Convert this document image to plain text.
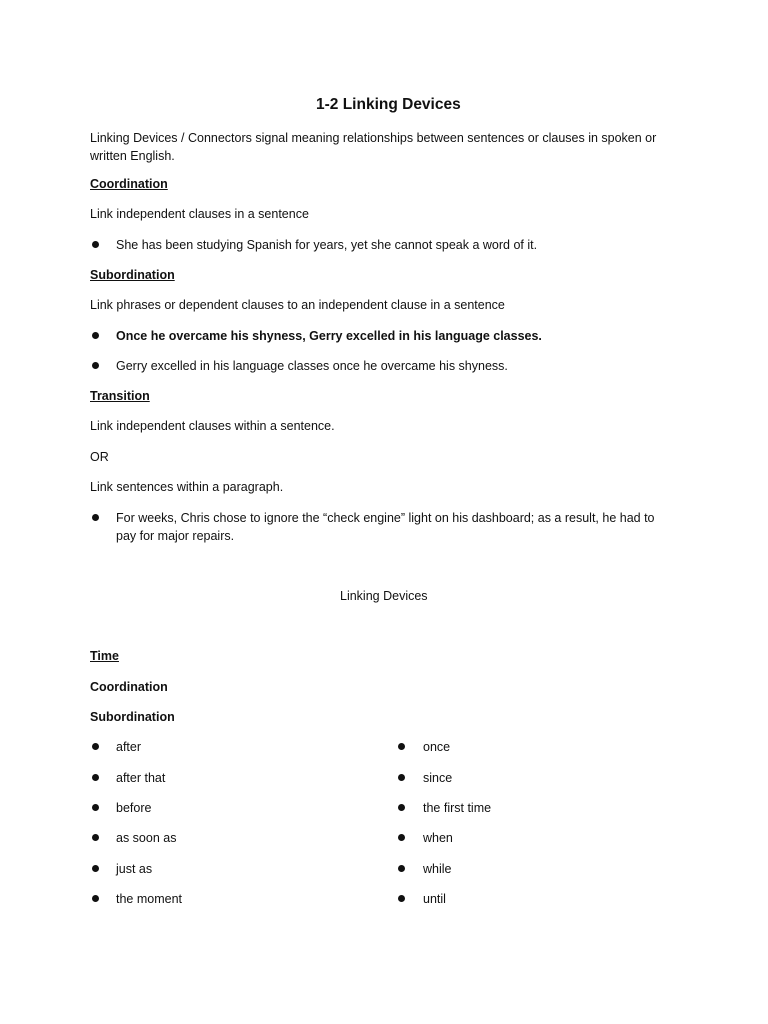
1-2 Linking Devices
Linking Devices / Connectors signal meaning relationships between sentences or clauses in spoken or written English.
Coordination
Link independent clauses in a sentence
She has been studying Spanish for years, yet she cannot speak a word of it.
Subordination
Link phrases or dependent clauses to an independent clause in a sentence
Once he overcame his shyness, Gerry excelled in his language classes.
Gerry excelled in his language classes once he overcame his shyness.
Transition
Link independent clauses within a sentence.
OR
Link sentences within a paragraph.
For weeks, Chris chose to ignore the “check engine” light on his dashboard; as a result, he had to pay for major repairs.
Linking Devices
Time
Coordination
Subordination
after
after that
before
as soon as
just as
the moment
once
since
the first time
when
while
until
